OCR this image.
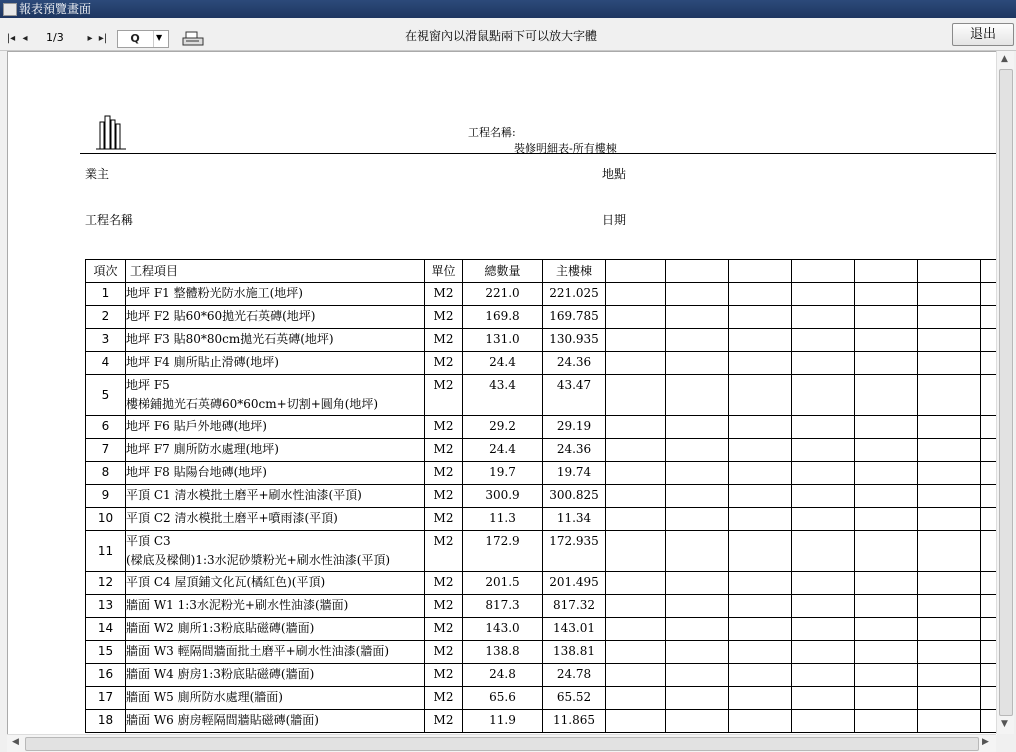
報表預覽畫面
|◂ ◂	1/3	▸ ▸| Q ▼	在視窗內以滑鼠點兩下可以放大字體	退出
工程名稱:
裝修明細表-所有樓棟
業主	地點
工程名稱	日期
項次	工程項目	單位	總數量	主樓棟								
1	地坪 F1 整體粉光防水施工(地坪)	M2	221.0	221.025								
2	地坪 F2 貼60*60拋光石英磚(地坪)	M2	169.8	169.785								
3	地坪 F3 貼80*80cm拋光石英磚(地坪)	M2	131.0	130.935								
4	地坪 F4 廁所貼止滑磚(地坪)	M2	24.4	24.36								
5	地坪 F5
樓梯鋪拋光石英磚60*60cm+切割+圓角(地坪)	M2	43.4	43.47								
6	地坪 F6 貼戶外地磚(地坪)	M2	29.2	29.19								
7	地坪 F7 廁所防水處理(地坪)	M2	24.4	24.36								
8	地坪 F8 貼陽台地磚(地坪)	M2	19.7	19.74								
9	平頂 C1 清水模批土磨平+刷水性油漆(平頂)	M2	300.9	300.825								
10	平頂 C2 清水模批土磨平+噴雨漆(平頂)	M2	11.3	11.34								
11	平頂 C3
(樑底及樑側)1:3水泥砂漿粉光+刷水性油漆(平頂)	M2	172.9	172.935								
12	平頂 C4 屋頂鋪文化瓦(橘紅色)(平頂)	M2	201.5	201.495								
13	牆面 W1 1:3水泥粉光+刷水性油漆(牆面)	M2	817.3	817.32								
14	牆面 W2 廁所1:3粉底貼磁磚(牆面)	M2	143.0	143.01								
15	牆面 W3 輕隔間牆面批土磨平+刷水性油漆(牆面)	M2	138.8	138.81								
16	牆面 W4 廚房1:3粉底貼磁磚(牆面)	M2	24.8	24.78								
17	牆面 W5 廁所防水處理(牆面)	M2	65.6	65.52								
18	牆面 W6 廚房輕隔間牆貼磁磚(牆面)	M2	11.9	11.865								
▲
▼
◀	▶
